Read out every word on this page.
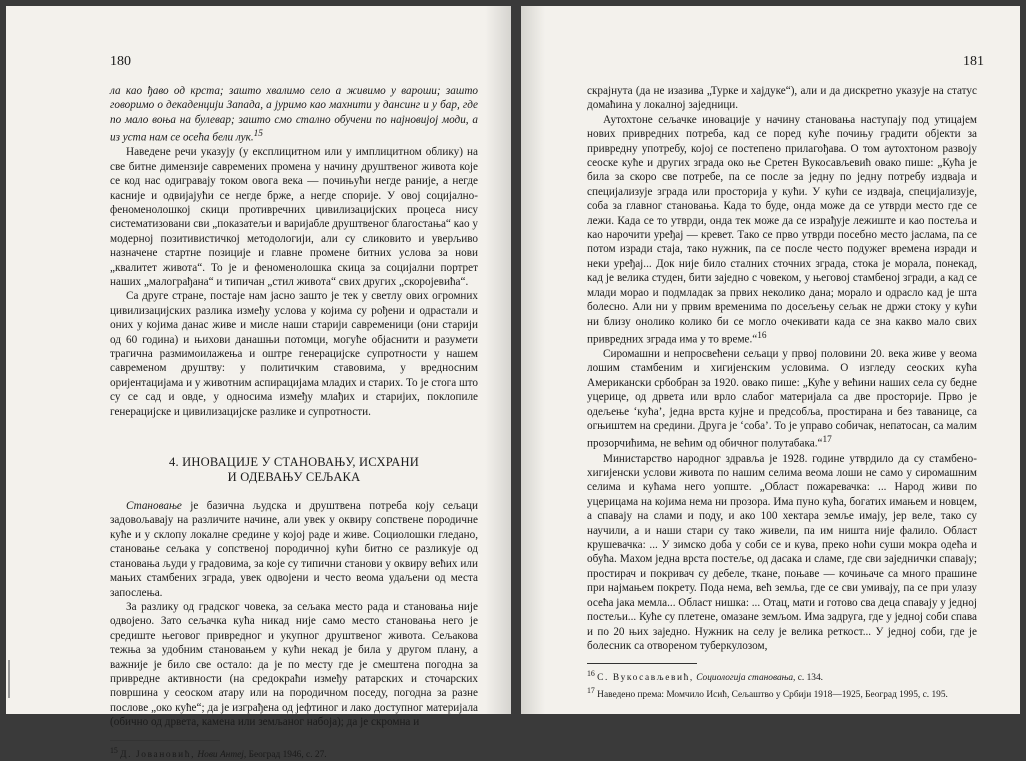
180

ла као ђаво од крста; зашто хвалимо село а живимо у вароши; зашто говоримо о декаденцији Запада, а јуримо као махнити у дансинг и у бар, где по мало воња на булевар; зашто смо стално обучени по најновијој моди, а из уста нам се осећа бели лук.$^{15}$

Наведене речи указују (у експлицитном или у имплицитном облику) на све битне димензије савремених промена у начину друштвеног живота које се код нас одигравају током овога века — почињући негде раније, а негде касније и одвијајући се негде брже, а негде спорије. У овој социјално-феноменолошкој скици противречних цивилизацијских процеса нису систематизовани сви „показатељи и варијабле друштвеног благостања“ као у модерној позитивистичкој методологији, али су сликовито и уверљиво назначене стартне позиције и главне промене битних услова за нови „квалитет живота“. То је и феноменолошка скица за социјални портрет наших „малограђана“ и типичан „стил живота“ свих других „скоројевића“.

Са друге стране, постаје нам јасно зашто је тек у светлу ових огромних цивилизацијских разлика између услова у којима су рођени и одрастали и оних у којима данас живе и мисле наши старији савременици (они старији од 60 година) и њихови данашњи потомци, могуће објаснити и разумети трагична размимоилажења и оштре генерацијске супротности у нашем савременом друштву: у политичким ставовима, у вредносним оријентацијама и у животним аспирацијама младих и старих. То је стога што су се сад и овде, у односима између млађих и старијих, поклопиле генерацијске и цивилизацијске разлике и супротности.

4. ИНОВАЦИЈЕ У СТАНОВАЊУ, ИСХРАНИ
И ОДЕВАЊУ СЕЉАКА

Становање је базична људска и друштвена потреба коју сељаци задовољавају на различите начине, али увек у оквиру сопствене породичне куће и у склопу локалне средине у којој раде и живе. Социолошки гледано, становање сељака у сопственој породичној кући битно се разликује од становања људи у градовима, за које су типични станови у оквиру већих или мањих стамбених зграда, увек одвојени и често веома удаљени од места запослења.

За разлику од градског човека, за сељака место рада и становања није одвојено. Зато сељачка кућа никад није само место становања него је средиште његовог привредног и укупног друштвеног живота. Сељакова тежња за удобним становањем у кући некад је била у другом плану, а важније је било све остало: да је по месту где је смештена погодна за привредне активности (на средокраћи између ратарских и сточарских површина у сеоском атару или на породичном поседу, погодна за разне послове „око куће“; да је изграђена од јефтиног и лако доступног материјала (обично од дрвета, камена или земљаног набоја); да је скромна и

$^{15}$ Д. Јовановић, Нови Антеј, Београд 1946, с. 27.
181

скрајнута (да не изазива „Турке и хајдуке“), али и да дискретно указује на статус домаћина у локалној заједници.

Аутохтоне сељачке иновације у начину становања наступају под утицајем нових привредних потреба, кад се поред куће почињу градити објекти за привредну употребу, којој се постепено прилагођава. О том аутохтоном развоју сеоске куће и других зграда око ње Сретен Вукосављевић овако пише: „Кућа је била за скоро све потребе, па се после за једну по једну потребу издваја и специјализује зграда или просторија у кући. У кући се издваја, специјализује, соба за главног становања. Када то буде, онда може да се утврди место где се лежи. Када се то утврди, онда тек може да се израђује лежиште и као постеља и као нарочити уређај — кревет. Тако се прво утврди посебно место јаслама, па се потом изради стаја, тако нужник, па се после често подужег времена изради и неки уређај... Док није било сталних сточних зграда, стока је морала, понекад, кад је велика студен, бити заједно с човеком, у његовој стамбеној згради, а кад се млади морао и подмладак за првих неколико дана; морало и одрасло кад је шта болесно. Али ни у првим временима по досељењу сељак не држи стоку у кући ни близу онолико колико би се могло очекивати када се зна какво мало свих привредних зграда има у то време.“$^{16}$

Сиромашни и непросвећени сељаци у првој половини 20. века живе у веома лошим стамбеним и хигијенским условима. О изгледу сеоских кућа Американски србобран за 1920. овако пише: „Куће у већини наших села су беднe уцерице, од дрвета или врло слабог материјала са две просторије. Прво је одељење ‘кућа’, једна врста кујне и предсобља, простирана и без таванице, са огњиштем на средини. Друга је ‘соба’. То је управо собичак, непатосан, са малим прозорчићима, не већим од обичног полутабака.“$^{17}$

Министарство народног здравља је 1928. године утврдило да су стамбено-хигијенски услови живота по нашим селима веома лоши не само у сиромашним селима и кућама него уопште. „Област пожаревачка: ... Народ живи по уцерицама на којима нема ни прозора. Има пуно кућа, богатих имањем и новцем, а спавају на слами и поду, и ако 100 хектара земље имају, јер веле, тако су научили, а и наши стари су тако живели, па им ништа није фалило. Област крушевачка: ... У зимско доба у соби се и кува, преко ноћи суши мокра одећа и обућа. Махом једна врста постеље, од дасака и сламе, где сви заједнички спавају; простирач и покривач су дебеле, ткане, поњаве — кочињаче са много прашине при најмањем покрету. Пода нема, већ земља, где се сви умивају, па се при улазу осећа јака мемла... Област нишка: ... Отац, мати и готово сва деца спавају у једној постељи... Куће су плетене, омазане земљом. Има задруга, где у једној соби спава и по 20 њих заједно. Нужник на селу је велика реткост... У једној соби, где је болесник са отвореном туберкулозом,

$^{16}$ С. Вукосављевић, Социологија становања, с. 134.
$^{17}$ Наведено према: Момчило Исић, Сељаштво у Србији 1918—1925, Београд 1995, с. 195.
